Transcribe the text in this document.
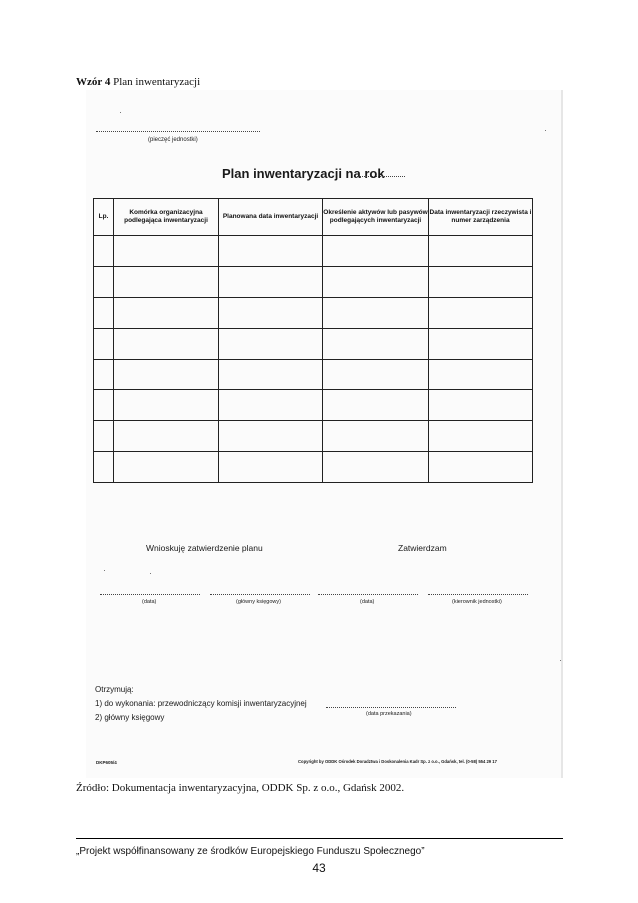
Wzór 4 Plan inwentaryzacji
(pieczęć jednostki)
Plan inwentaryzacji na rok
Lp.	Komórka organizacyjna podlegająca inwentaryzacji	Planowana data inwentaryzacji	Określenie aktywów lub pasywów podlegających inwentaryzacji	Data inwentaryzacji rzeczywista i numer zarządzenia

Wnioskuję zatwierdzenie planu	Zatwierdzam
(data)	(główny księgowy)	(data)	(kierownik jednostki)
Otrzymują:
1) do wykonania: przewodniczący komisji inwentaryzacyjnej
(data przekazania)
2) główny księgowy
DKP605/4	Copyright by ODDK Ośrodek Doradztwa i Doskonalenia Kadr Sp. z o.o., Gdańsk, tel. (0-58) 554 29 17
Źródło: Dokumentacja inwentaryzacyjna, ODDK Sp. z o.o., Gdańsk 2002.
„Projekt współfinansowany ze środków Europejskiego Funduszu Społecznego”
43
